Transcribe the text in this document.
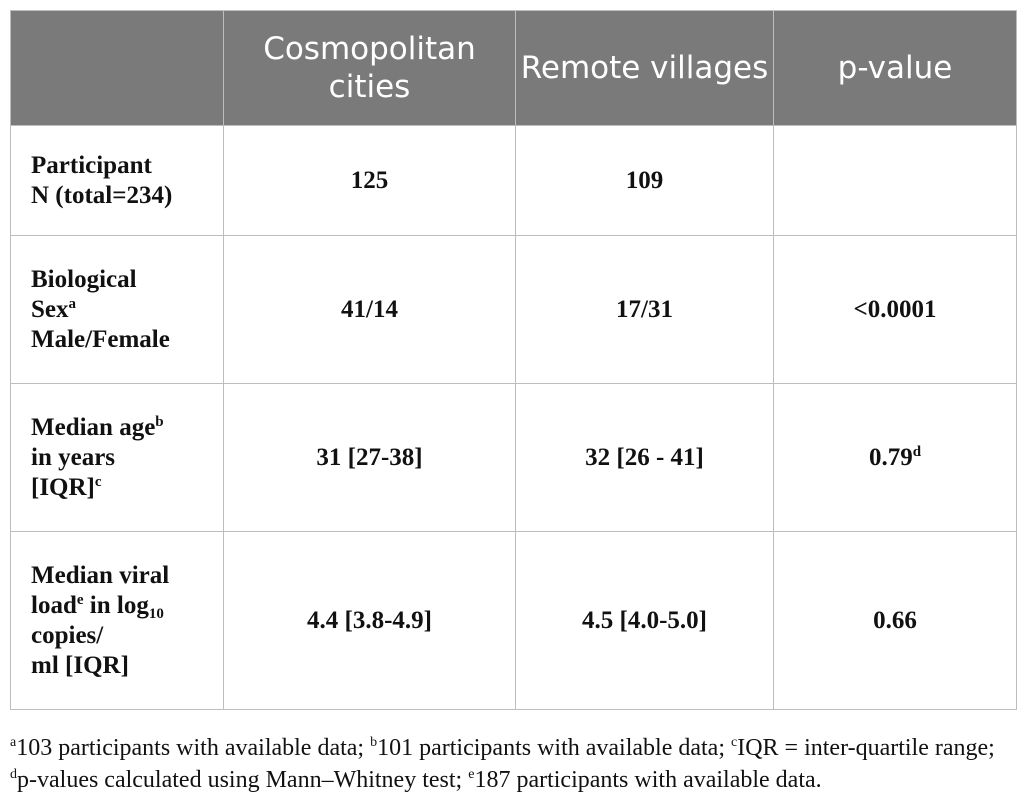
	Cosmopolitan cities	Remote villages	p-value
Participant
N (total=234)	125	109	
Biological
Sex$^a$
Male/Female	41/14	17/31	<0.0001
Median age$^b$
in years
[IQR]$^c$	31 [27-38]	32 [26 - 41]	0.79$^d$
Median viral
load$^e$ in $\log_{10}$
copies/
ml [IQR]	4.4 [3.8-4.9]	4.5 [4.0-5.0]	0.66
$^a$103 participants with available data; $^b$101 participants with available data; $^c$IQR = inter-quartile range; $^d$p-values calculated using Mann–Whitney test; $^e$187 participants with available data.
